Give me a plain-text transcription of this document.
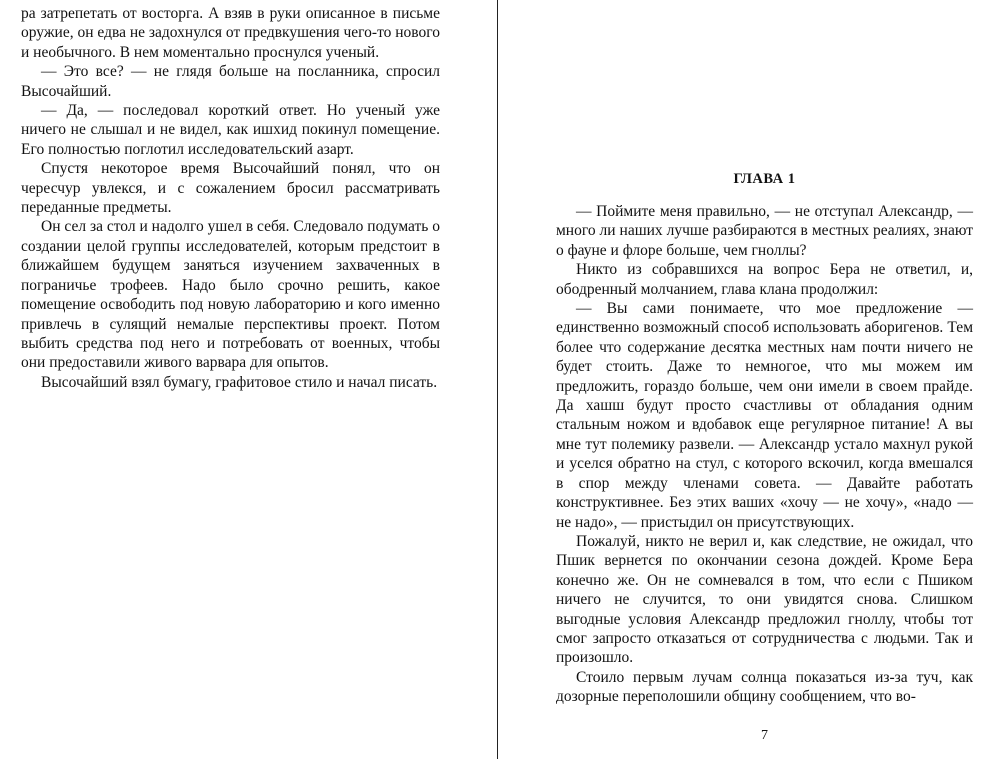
ра затрепетать от восторга. А взяв в руки описанное в письме оружие, он едва не задохнулся от предвкушения чего-то нового и необычного. В нем моментально проснулся ученый.

— Это все? — не глядя больше на посланника, спросил Высочайший.

— Да, — последовал короткий ответ. Но ученый уже ничего не слышал и не видел, как ишхид покинул помещение. Его полностью поглотил исследовательский азарт.

Спустя некоторое время Высочайший понял, что он чересчур увлекся, и с сожалением бросил рассматривать переданные предметы.

Он сел за стол и надолго ушел в себя. Следовало подумать о создании целой группы исследователей, которым предстоит в ближайшем будущем заняться изучением захваченных в пограничье трофеев. Надо было срочно решить, какое помещение освободить под новую лабораторию и кого именно привлечь в сулящий немалые перспективы проект. Потом выбить средства под него и потребовать от военных, чтобы они предоставили живого варвара для опытов.

Высочайший взял бумагу, графитовое стило и начал писать.

ГЛАВА 1

— Поймите меня правильно, — не отступал Александр, — много ли наших лучше разбираются в местных реалиях, знают о фауне и флоре больше, чем гноллы?

Никто из собравшихся на вопрос Бера не ответил, и, ободренный молчанием, глава клана продолжил:

— Вы сами понимаете, что мое предложение — единственно возможный способ использовать аборигенов. Тем более что содержание десятка местных нам почти ничего не будет стоить. Даже то немногое, что мы можем им предложить, гораздо больше, чем они имели в своем прайде. Да хашш будут просто счастливы от обладания одним стальным ножом и вдобавок еще регулярное питание! А вы мне тут полемику развели. — Александр устало махнул рукой и уселся обратно на стул, с которого вскочил, когда вмешался в спор между членами совета. — Давайте работать конструктивнее. Без этих ваших «хочу — не хочу», «надо — не надо», — пристыдил он присутствующих.

Пожалуй, никто не верил и, как следствие, не ожидал, что Пшик вернется по окончании сезона дождей. Кроме Бера конечно же. Он не сомневался в том, что если с Пшиком ничего не случится, то они увидятся снова. Слишком выгодные условия Александр предложил гноллу, чтобы тот смог запросто отказаться от сотрудничества с людьми. Так и произошло.

Стоило первым лучам солнца показаться из-за туч, как дозорные переполошили общину сообщением, что во-

7
